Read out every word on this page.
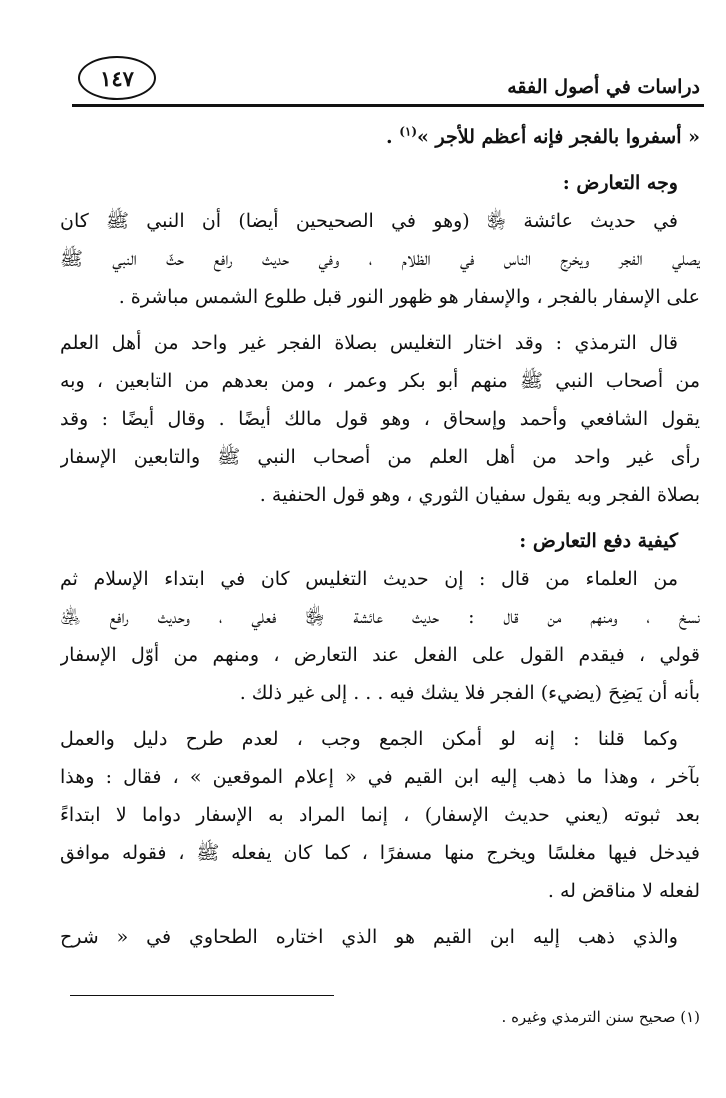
دراسات في أصول الفقه
١٤٧
« أسفروا بالفجر فإنه أعظم للأجر »$^{(١)}$ .
وجه التعارض :
في حديث عائشة ﵂ (وهو في الصحيحين أيضا) أن النبي ﷺ كان
يصلي الفجر ويخرج الناس في الظلام ، وفي حديث رافع حثّ النبي ﷺ
على الإسفار بالفجر ، والإسفار هو ظهور النور قبل طلوع الشمس مباشرة .
قال الترمذي : وقد اختار التغليس بصلاة الفجر غير واحد من أهل العلم
من أصحاب النبي ﷺ منهم أبو بكر وعمر ، ومن بعدهم من التابعين ، وبه
يقول الشافعي وأحمد وإسحاق ، وهو قول مالك أيضًا . وقال أيضًا : وقد
رأى غير واحد من أهل العلم من أصحاب النبي ﷺ والتابعين الإسفار
بصلاة الفجر وبه يقول سفيان الثوري ، وهو قول الحنفية .
كيفية دفع التعارض :
من العلماء من قال : إن حديث التغليس كان في ابتداء الإسلام ثم
نسخ ، ومنهم من قال : حديث عائشة ﵂ فعلي ، وحديث رافع ﵁
قولي ، فيقدم القول على الفعل عند التعارض ، ومنهم من أوّل الإسفار
بأنه أن يَضِحَ (يضيء) الفجر فلا يشك فيه . . . إلى غير ذلك .
وكما قلنا : إنه لو أمكن الجمع وجب ، لعدم طرح دليل والعمل
بآخر ، وهذا ما ذهب إليه ابن القيم في « إعلام الموقعين » ، فقال : وهذا
بعد ثبوته (يعني حديث الإسفار) ، إنما المراد به الإسفار دواما لا ابتداءً
فيدخل فيها مغلسًا ويخرج منها مسفرًا ، كما كان يفعله ﷺ ، فقوله موافق
لفعله لا مناقض له .
والذي ذهب إليه ابن القيم هو الذي اختاره الطحاوي في « شرح
(١) صحيح سنن الترمذي وغيره .
